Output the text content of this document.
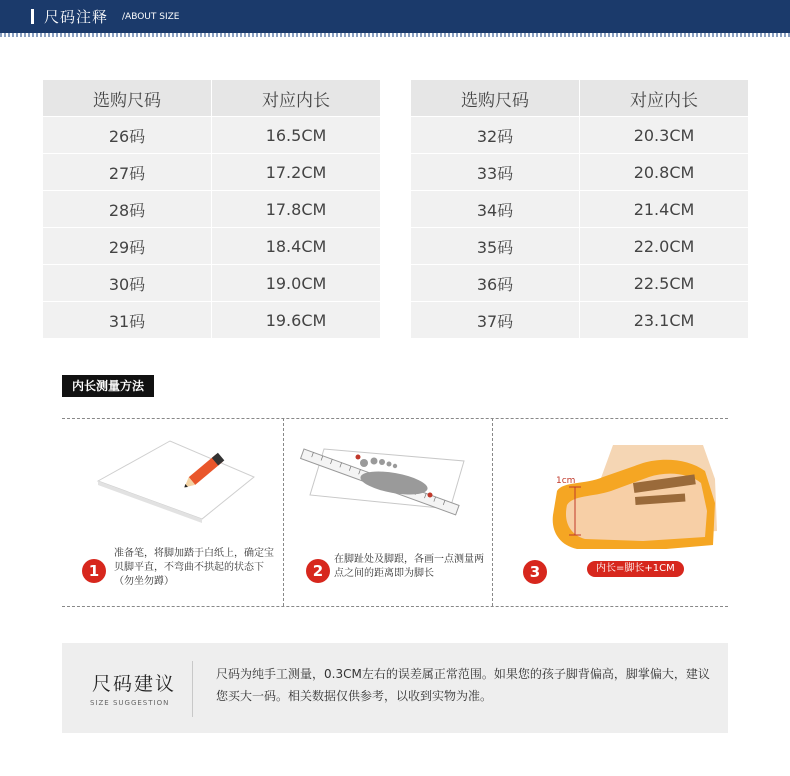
尺码注释 /ABOUT SIZE
选购尺码	对应内长
26码	16.5CM
27码	17.2CM
28码	17.8CM
29码	18.4CM
30码	19.0CM
31码	19.6CM
选购尺码	对应内长
32码	20.3CM
33码	20.8CM
34码	21.4CM
35码	22.0CM
36码	22.5CM
37码	23.1CM
内长测量方法
1
准备笔，将脚加踏于白纸上，确定宝贝脚平直，不弯曲不拱起的状态下（勿坐勿蹲）
2
在脚趾处及脚跟，各画一点测量两点之间的距离即为脚长
1cm
3	内长=脚长+1CM
尺码建议
SIZE SUGGESTION
尺码为纯手工测量，0.3CM左右的误差属正常范围。如果您的孩子脚背偏高，脚掌偏大，建议您买大一码。相关数据仅供参考，以收到实物为准。
